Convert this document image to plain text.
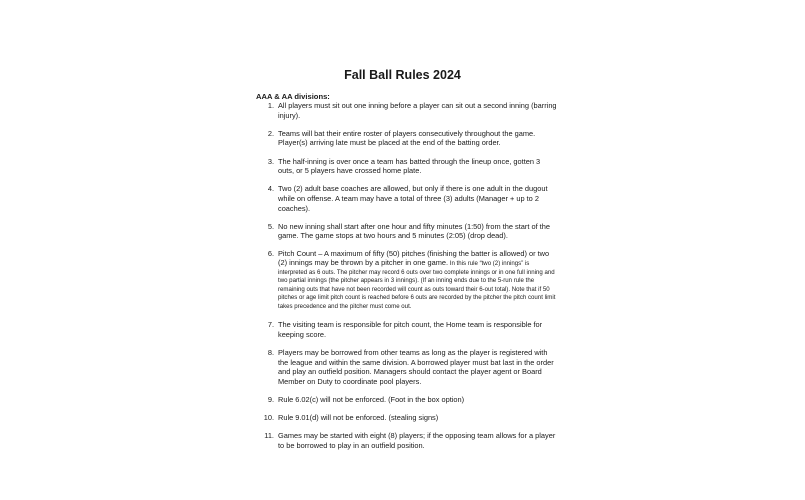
Fall Ball Rules 2024
AAA & AA divisions:
1. All players must sit out one inning before a player can sit out a second inning (barring injury).
2. Teams will bat their entire roster of players consecutively throughout the game. Player(s) arriving late must be placed at the end of the batting order.
3. The half-inning is over once a team has batted through the lineup once, gotten 3 outs, or 5 players have crossed home plate.
4. Two (2) adult base coaches are allowed, but only if there is one adult in the dugout while on offense. A team may have a total of three (3) adults (Manager + up to 2 coaches).
5. No new inning shall start after one hour and fifty minutes (1:50) from the start of the game. The game stops at two hours and 5 minutes (2:05) (drop dead).
6. Pitch Count – A maximum of fifty (50) pitches (finishing the batter is allowed) or two (2) innings may be thrown by a pitcher in one game. In this rule “two (2) innings” is interpreted as 6 outs. The pitcher may record 6 outs over two complete innings or in one full inning and two partial innings (the pitcher appears in 3 innings). (If an inning ends due to the 5-run rule the remaining outs that have not been recorded will count as outs toward their 6-out total). Note that if 50 pitches or age limit pitch count is reached before 6 outs are recorded by the pitcher the pitch count limit takes precedence and the pitcher must come out.
7. The visiting team is responsible for pitch count, the Home team is responsible for keeping score.
8. Players may be borrowed from other teams as long as the player is registered with the league and within the same division. A borrowed player must bat last in the order and play an outfield position. Managers should contact the player agent or Board Member on Duty to coordinate pool players.
9. Rule 6.02(c) will not be enforced. (Foot in the box option)
10. Rule 9.01(d) will not be enforced. (stealing signs)
11. Games may be started with eight (8) players; if the opposing team allows for a player to be borrowed to play in an outfield position.
